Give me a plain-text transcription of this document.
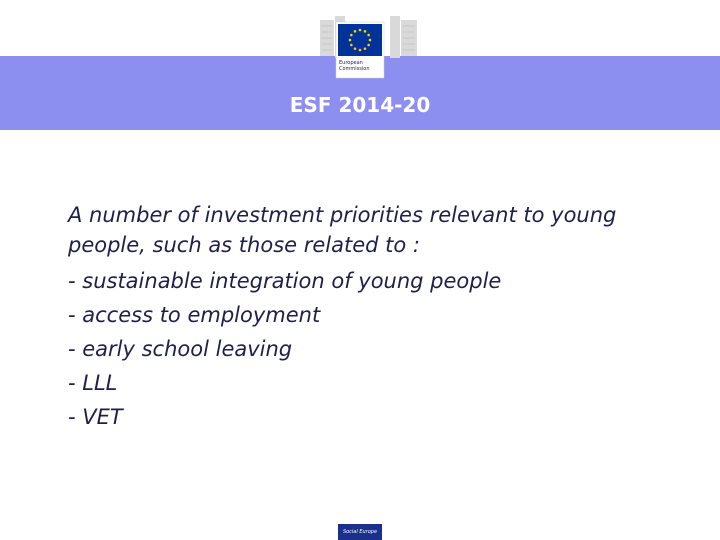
European
Commission
ESF 2014-20
A number of investment priorities relevant to young people, such as those related to :
- sustainable integration of young people
- access to employment
- early school leaving
- LLL
- VET
Social Europe
